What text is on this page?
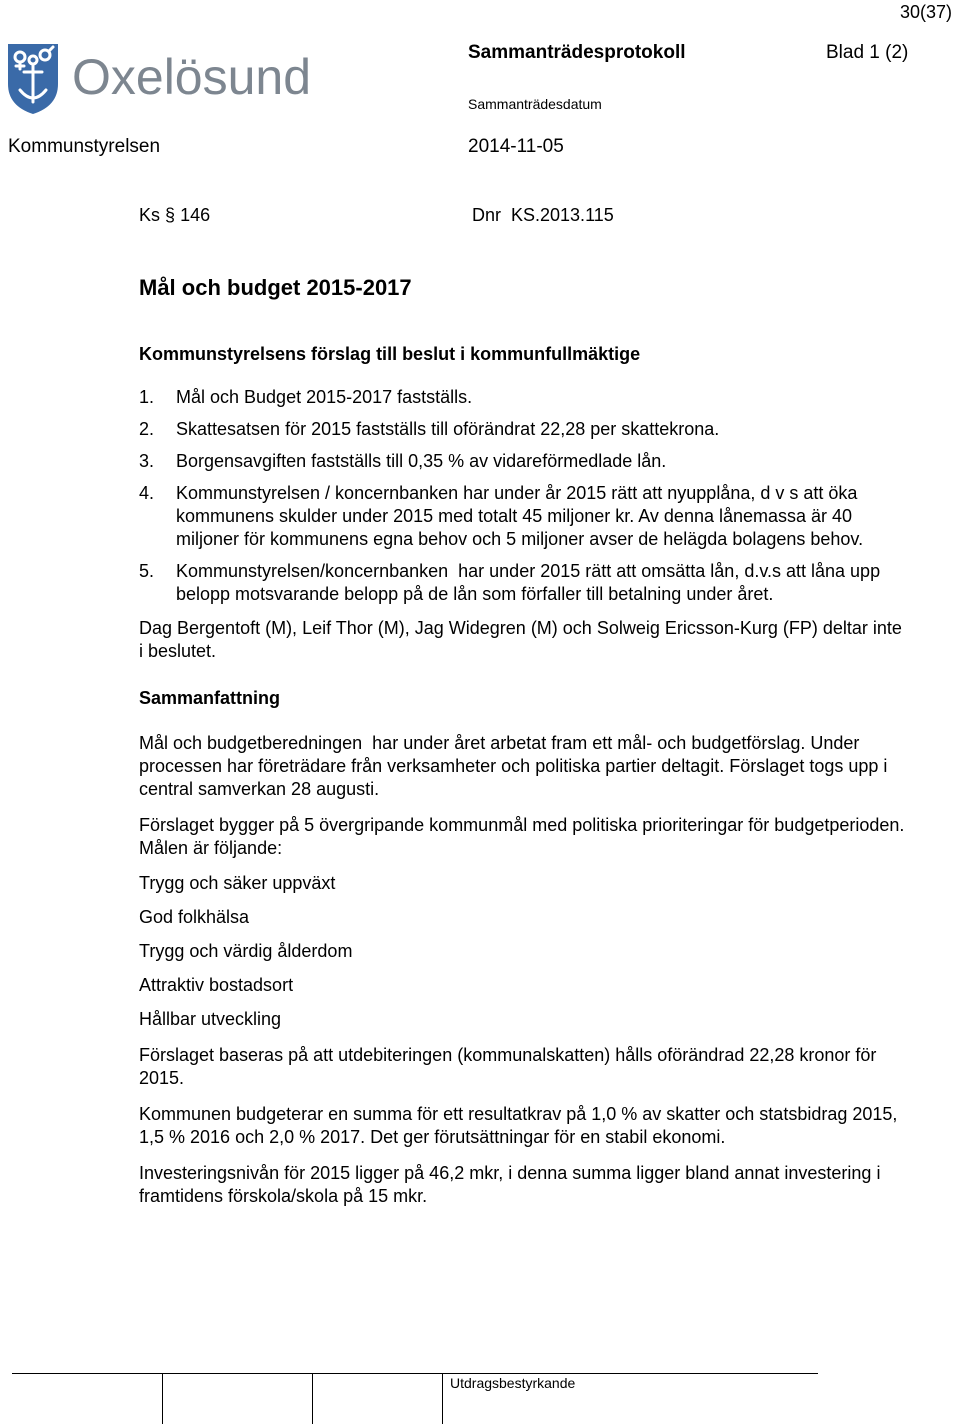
30(37)
Oxelösund	Sammanträdesprotokoll	Blad 1 (2)
Sammanträdesdatum
Kommunstyrelsen	2014-11-05
Ks § 146	Dnr  KS.2013.115
Mål och budget 2015-2017
Kommunstyrelsens förslag till beslut i kommunfullmäktige
1. Mål och Budget 2015-2017 fastställs.
2. Skattesatsen för 2015 fastställs till oförändrat 22,28 per skattekrona.
3. Borgensavgiften fastställs till 0,35 % av vidareförmedlade lån.
4. Kommunstyrelsen / koncernbanken har under år 2015 rätt att nyupplåna, d v s att öka kommunens skulder under 2015 med totalt 45 miljoner kr. Av denna lånemassa är 40 miljoner för kommunens egna behov och 5 miljoner avser de helägda bolagens behov.
5. Kommunstyrelsen/koncernbanken  har under 2015 rätt att omsätta lån, d.v.s att låna upp belopp motsvarande belopp på de lån som förfaller till betalning under året.
Dag Bergentoft (M), Leif Thor (M), Jag Widegren (M) och Solweig Ericsson-Kurg (FP) deltar inte i beslutet.
Sammanfattning
Mål och budgetberedningen  har under året arbetat fram ett mål- och budgetförslag. Under processen har företrädare från verksamheter och politiska partier deltagit. Förslaget togs upp i central samverkan 28 augusti.
Förslaget bygger på 5 övergripande kommunmål med politiska prioriteringar för budgetperioden. Målen är följande:
Trygg och säker uppväxt
God folkhälsa
Trygg och värdig ålderdom
Attraktiv bostadsort
Hållbar utveckling
Förslaget baseras på att utdebiteringen (kommunalskatten) hålls oförändrad 22,28 kronor för 2015.
Kommunen budgeterar en summa för ett resultatkrav på 1,0 % av skatter och statsbidrag 2015, 1,5 % 2016 och 2,0 % 2017. Det ger förutsättningar för en stabil ekonomi.
Investeringsnivån för 2015 ligger på 46,2 mkr, i denna summa ligger bland annat investering i framtidens förskola/skola på 15 mkr.
Utdragsbestyrkande
